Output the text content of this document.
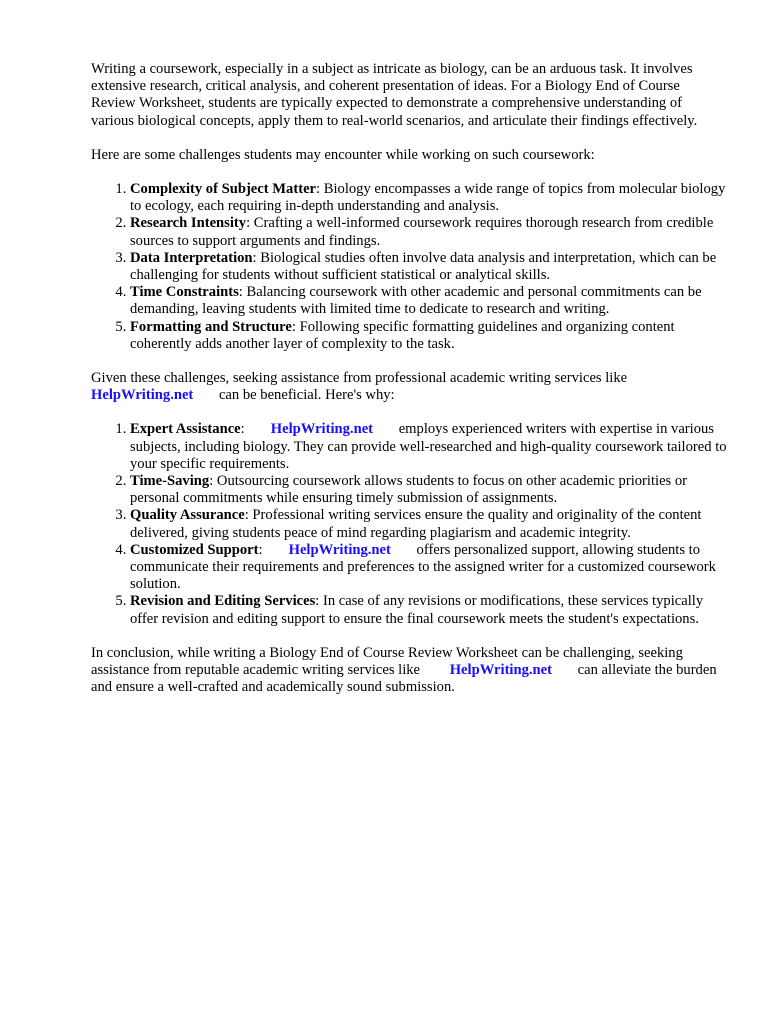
Writing a coursework, especially in a subject as intricate as biology, can be an arduous task. It involves extensive research, critical analysis, and coherent presentation of ideas. For a Biology End of Course Review Worksheet, students are typically expected to demonstrate a comprehensive understanding of various biological concepts, apply them to real-world scenarios, and articulate their findings effectively.

Here are some challenges students may encounter while working on such coursework:

1. Complexity of Subject Matter: Biology encompasses a wide range of topics from molecular biology to ecology, each requiring in-depth understanding and analysis.
2. Research Intensity: Crafting a well-informed coursework requires thorough research from credible sources to support arguments and findings.
3. Data Interpretation: Biological studies often involve data analysis and interpretation, which can be challenging for students without sufficient statistical or analytical skills.
4. Time Constraints: Balancing coursework with other academic and personal commitments can be demanding, leaving students with limited time to dedicate to research and writing.
5. Formatting and Structure: Following specific formatting guidelines and organizing content coherently adds another layer of complexity to the task.

Given these challenges, seeking assistance from professional academic writing services like HelpWriting.net can be beneficial. Here's why:

1. Expert Assistance: HelpWriting.net employs experienced writers with expertise in various subjects, including biology. They can provide well-researched and high-quality coursework tailored to your specific requirements.
2. Time-Saving: Outsourcing coursework allows students to focus on other academic priorities or personal commitments while ensuring timely submission of assignments.
3. Quality Assurance: Professional writing services ensure the quality and originality of the content delivered, giving students peace of mind regarding plagiarism and academic integrity.
4. Customized Support: HelpWriting.net offers personalized support, allowing students to communicate their requirements and preferences to the assigned writer for a customized coursework solution.
5. Revision and Editing Services: In case of any revisions or modifications, these services typically offer revision and editing support to ensure the final coursework meets the student's expectations.

In conclusion, while writing a Biology End of Course Review Worksheet can be challenging, seeking assistance from reputable academic writing services like HelpWriting.net can alleviate the burden and ensure a well-crafted and academically sound submission.
